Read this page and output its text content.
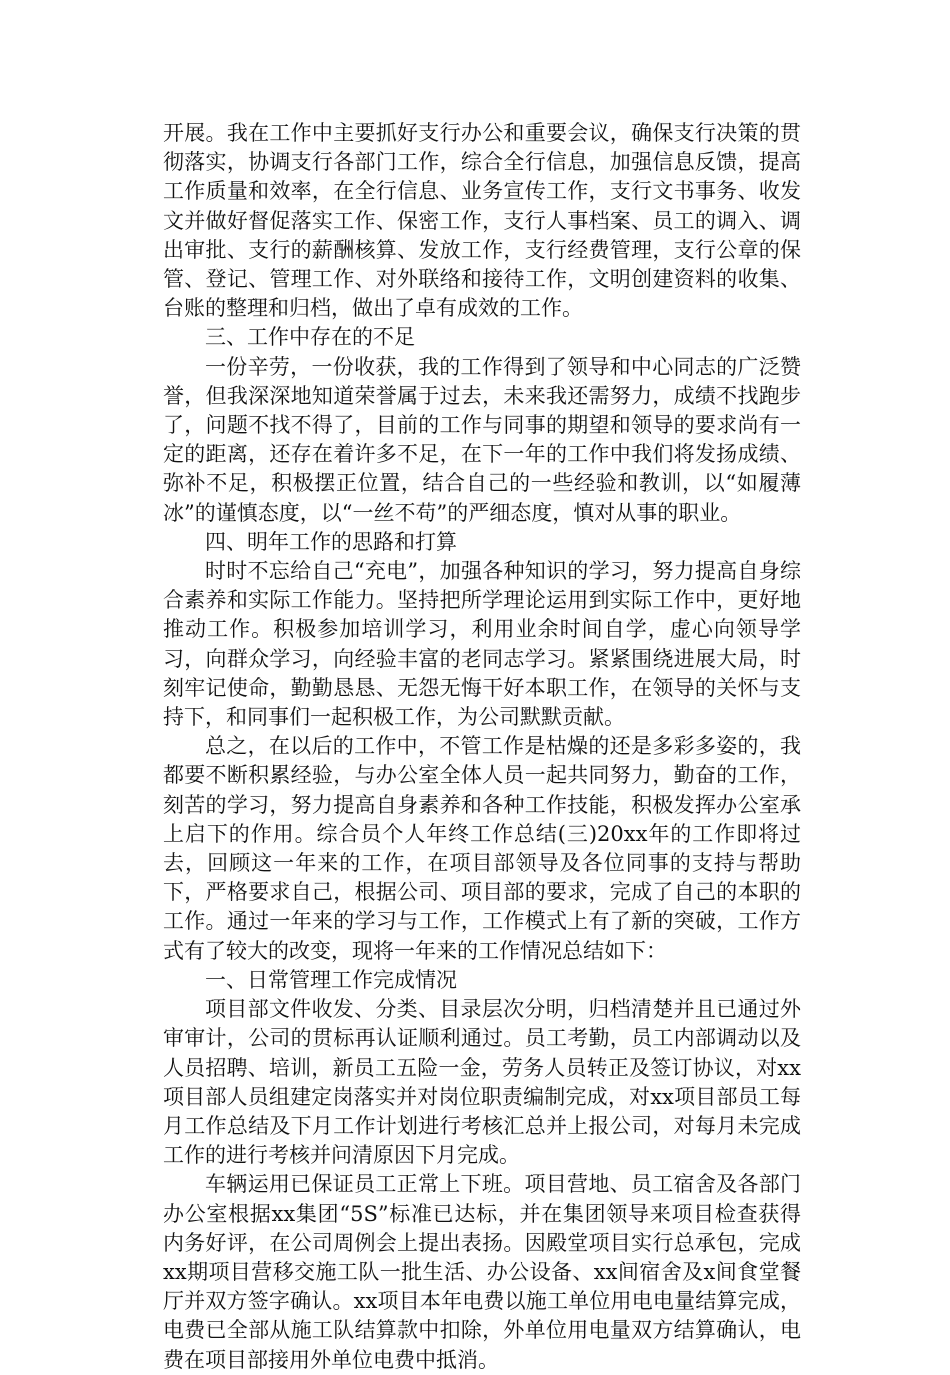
开展。我在工作中主要抓好支行办公和重要会议，确保支行决策的贯彻落实，协调支行各部门工作，综合全行信息，加强信息反馈，提高工作质量和效率，在全行信息、业务宣传工作，支行文书事务、收发文并做好督促落实工作、保密工作，支行人事档案、员工的调入、调出审批、支行的薪酬核算、发放工作，支行经费管理，支行公章的保管、登记、管理工作、对外联络和接待工作，文明创建资料的收集、台账的整理和归档，做出了卓有成效的工作。

三、工作中存在的不足

一份辛劳，一份收获，我的工作得到了领导和中心同志的广泛赞誉，但我深深地知道荣誉属于过去，未来我还需努力，成绩不找跑步了，问题不找不得了，目前的工作与同事的期望和领导的要求尚有一定的距离，还存在着许多不足，在下一年的工作中我们将发扬成绩、弥补不足，积极摆正位置，结合自己的一些经验和教训，以“如履薄冰”的谨慎态度，以“一丝不苟”的严细态度，慎对从事的职业。

四、明年工作的思路和打算

时时不忘给自己“充电”，加强各种知识的学习，努力提高自身综合素养和实际工作能力。坚持把所学理论运用到实际工作中，更好地推动工作。积极参加培训学习，利用业余时间自学，虚心向领导学习，向群众学习，向经验丰富的老同志学习。紧紧围绕进展大局，时刻牢记使命，勤勤恳恳、无怨无悔干好本职工作，在领导的关怀与支持下，和同事们一起积极工作，为公司默默贡献。

总之，在以后的工作中，不管工作是枯燥的还是多彩多姿的，我都要不断积累经验，与办公室全体人员一起共同努力，勤奋的工作，刻苦的学习，努力提高自身素养和各种工作技能，积极发挥办公室承上启下的作用。综合员个人年终工作总结(三)20xx年的工作即将过去，回顾这一年来的工作，在项目部领导及各位同事的支持与帮助下，严格要求自己，根据公司、项目部的要求，完成了自己的本职的工作。通过一年来的学习与工作，工作模式上有了新的突破，工作方式有了较大的改变，现将一年来的工作情况总结如下：

一、日常管理工作完成情况

项目部文件收发、分类、目录层次分明，归档清楚并且已通过外审审计，公司的贯标再认证顺利通过。员工考勤，员工内部调动以及人员招聘、培训，新员工五险一金，劳务人员转正及签订协议，对xx项目部人员组建定岗落实并对岗位职责编制完成，对xx项目部员工每月工作总结及下月工作计划进行考核汇总并上报公司，对每月未完成工作的进行考核并问清原因下月完成。

车辆运用已保证员工正常上下班。项目营地、员工宿舍及各部门办公室根据xx集团“5S”标准已达标，并在集团领导来项目检查获得内务好评，在公司周例会上提出表扬。因殿堂项目实行总承包，完成xx期项目营移交施工队一批生活、办公设备、xx间宿舍及x间食堂餐厅并双方签字确认。xx项目本年电费以施工单位用电电量结算完成，电费已全部从施工队结算款中扣除，外单位用电量双方结算确认，电费在项目部接用外单位电费中抵消。
